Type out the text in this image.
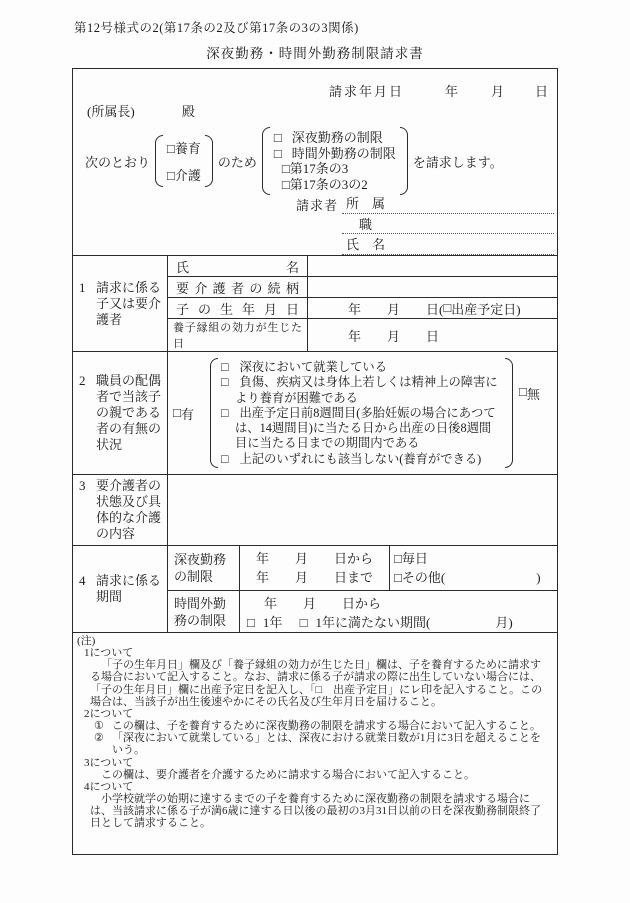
第12号様式の2(第17条の2及び第17条の3の3関係)
深夜勤務・時間外勤務制限請求書
請求年月日	年	月 日
(所属長)	殿
次のとおり
□養育
□介護
のため
□ 深夜勤務の制限
□ 時間外勤務の制限
□第17条の3
□第17条の3の2
を請求します。
請求者 所　属
職
氏　名
1 請求に係る子又は要介護者
氏名
要介護者の続柄
子の生年月日	年　　月　　日( □ 出産予定日)
養子縁組の効力が生じた日
年　　月　　日
2 職員の配偶者で当該子の親である者の有無の状況
□ 有
□ 深夜において就業している
□ 負傷、疾病又は身体上若しくは精神上の障害により養育が困難である
□ 出産予定日前8週間目(多胎妊娠の場合にあつては、14週間目)に当たる日から出産の日後8週間目に当たる日までの期間内である
□ 上記のいずれにも該当しない(養育ができる)
□ 無
3 要介護者の状態及び具体的な介護の内容
4 請求に係る期間
深夜勤務の制限
年　　月　　日から
年　　月　　日まで
□毎日
□その他(　　　　　　　)
時間外勤務の制限
年　　月　　日から
□ 1年 □ 1年に満たない期間(　　　　　月)
(注)
1について
「子の生年月日」欄及び「養子縁組の効力が生じた日」欄は、子を養育するために請求する場合において記入すること。なお、請求に係る子が請求の際に出生していない場合には、「子の生年月日」欄に出産予定日を記入し、「□　出産予定日」にレ印を記入すること。この場合は、当該子が出生後速やかにその氏名及び生年月日を届けること。
2について
① この欄は、子を養育するために深夜勤務の制限を請求する場合において記入すること。
② 「深夜において就業している」とは、深夜における就業日数が1月に3日を超えることをいう。
3について
この欄は、要介護者を介護するために請求する場合において記入すること。
4について
小学校就学の始期に達するまでの子を養育するために深夜勤務の制限を請求する場合には、当該請求に係る子が満6歳に達する日以後の最初の3月31日以前の日を深夜勤務制限終了日として請求すること。
